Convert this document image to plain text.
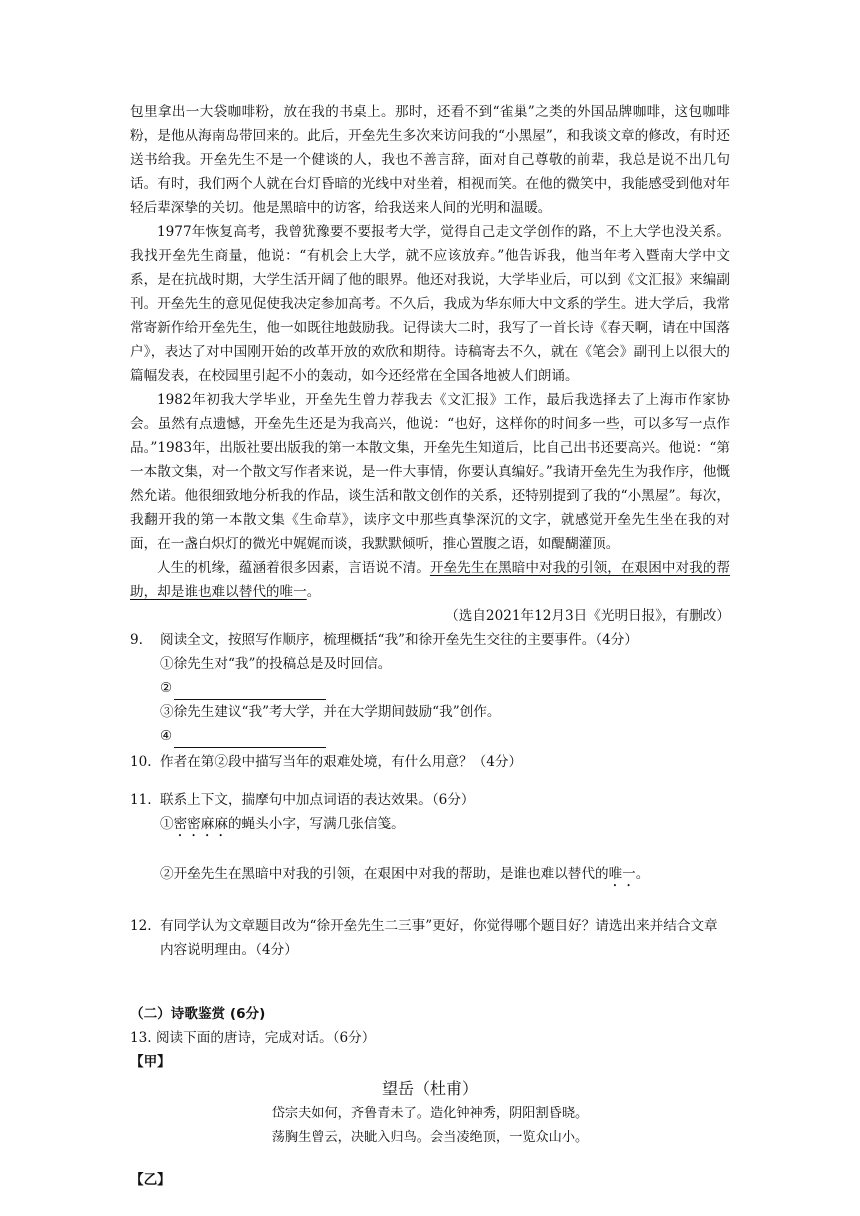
包里拿出一大袋咖啡粉，放在我的书桌上。那时，还看不到“雀巢”之类的外国品牌咖啡，这包咖啡粉，是他从海南岛带回来的。此后，开垒先生多次来访问我的“小黑屋”，和我谈文章的修改，有时还送书给我。开垒先生不是一个健谈的人，我也不善言辞，面对自己尊敬的前辈，我总是说不出几句话。有时，我们两个人就在台灯昏暗的光线中对坐着，相视而笑。在他的微笑中，我能感受到他对年轻后辈深挚的关切。他是黑暗中的访客，给我送来人间的光明和温暖。

1977年恢复高考，我曾犹豫要不要报考大学，觉得自己走文学创作的路，不上大学也没关系。我找开垒先生商量，他说：“有机会上大学，就不应该放弃。”他告诉我，他当年考入暨南大学中文系，是在抗战时期，大学生活开阔了他的眼界。他还对我说，大学毕业后，可以到《文汇报》来编副刊。开垒先生的意见促使我决定参加高考。不久后，我成为华东师大中文系的学生。进大学后，我常常寄新作给开垒先生，他一如既往地鼓励我。记得读大二时，我写了一首长诗《春天啊，请在中国落户》，表达了对中国刚开始的改革开放的欢欣和期待。诗稿寄去不久，就在《笔会》副刊上以很大的篇幅发表，在校园里引起不小的轰动，如今还经常在全国各地被人们朗诵。

1982年初我大学毕业，开垒先生曾力荐我去《文汇报》工作，最后我选择去了上海市作家协会。虽然有点遗憾，开垒先生还是为我高兴，他说：“也好，这样你的时间多一些，可以多写一点作品。”1983年，出版社要出版我的第一本散文集，开垒先生知道后，比自己出书还要高兴。他说：“第一本散文集，对一个散文写作者来说，是一件大事情，你要认真编好。”我请开垒先生为我作序，他慨然允诺。他很细致地分析我的作品，谈生活和散文创作的关系，还特别提到了我的“小黑屋”。每次，我翻开我的第一本散文集《生命草》，读序文中那些真挚深沉的文字，就感觉开垒先生坐在我的对面，在一盏白炽灯的微光中娓娓而谈，我默默倾听，推心置腹之语，如醍醐灌顶。

人生的机缘，蕴涵着很多因素，言语说不清。开垒先生在黑暗中对我的引领，在艰困中对我的帮助，却是谁也难以替代的唯一。

（选自2021年12月3日《光明日报》，有删改）
9.	阅读全文，按照写作顺序，梳理概括“我”和徐开垒先生交往的主要事件。（4分）
①徐先生对“我”的投稿总是及时回信。
②
③徐先生建议“我”考大学，并在大学期间鼓励“我”创作。
④
10. 作者在第②段中描写当年的艰难处境，有什么用意？（4分）
11. 联系上下文，揣摩句中加点词语的表达效果。（6分）
①密密麻麻的蝇头小字，写满几张信笺。
②开垒先生在黑暗中对我的引领，在艰困中对我的帮助，是谁也难以替代的唯一。
12. 有同学认为文章题目改为“徐开垒先生二三事”更好，你觉得哪个题目好？请选出来并结合文章内容说明理由。（4分）
（二）诗歌鉴赏 (6分)
13. 阅读下面的唐诗，完成对话。（6分）
【甲】
望岳（杜甫）
岱宗夫如何，齐鲁青未了。造化钟神秀，阴阳割昏晓。
荡胸生曾云，决眦入归鸟。会当凌绝顶，一览众山小。
【乙】
